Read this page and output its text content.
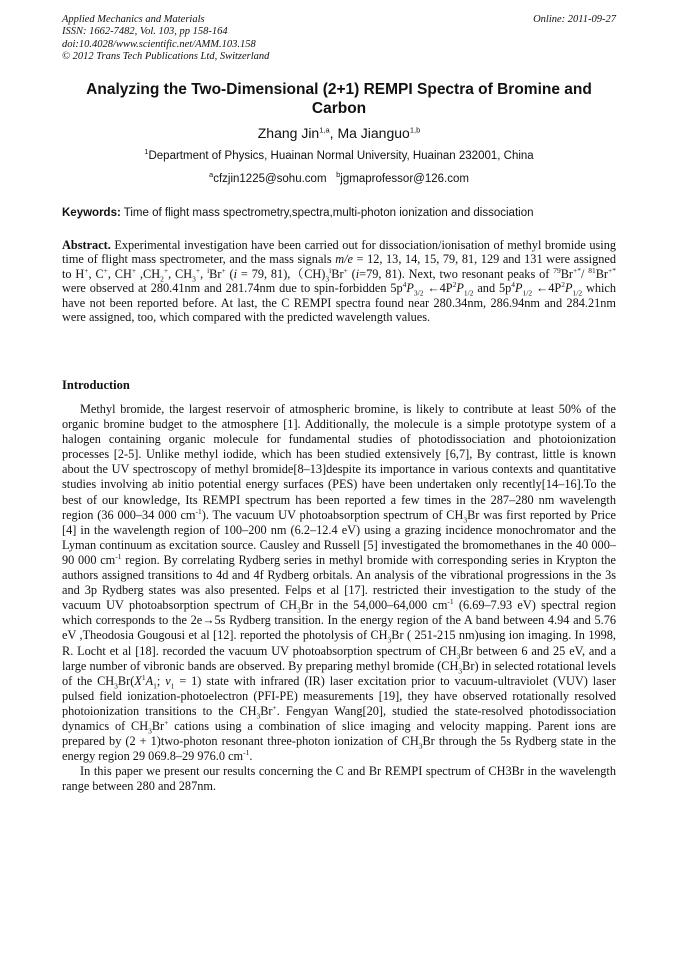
Applied Mechanics and Materials
ISSN: 1662-7482, Vol. 103, pp 158-164
doi:10.4028/www.scientific.net/AMM.103.158
© 2012 Trans Tech Publications Ltd, Switzerland
Online: 2011-09-27
Analyzing the Two-Dimensional (2+1) REMPI Spectra of Bromine and Carbon
Zhang Jin$^{1,a}$, Ma Jianguo$^{1,b}$
$^1$Department of Physics, Huainan Normal University, Huainan 232001, China
$^a$cfzjin1225@sohu.com $^b$jgmaprofessor@126.com
Keywords: Time of flight mass spectrometry,spectra,multi-photon ionization and dissociation
Abstract. Experimental investigation have been carried out for dissociation/ionisation of methyl bromide using time of flight mass spectrometer, and the mass signals m/e = 12, 13, 14, 15, 79, 81, 129 and 131 were assigned to H+, C+, CH+ $,CH_2^+$, $CH_3^+$, $^i$Br+ (i = 79, $81),(CH)_3^iBr^+$ (i=79, 81). Next, two resonant peaks of $^{79}$Br+*/ $^{81}$Br+* were observed at 280.41nm and 281.74nm due to spin-forbidden $5p^4P_{3/2}$ $\leftarrow 4P^2P_{1/2}$ and $5p^4P_{1/2}$ $\leftarrow 4P^2P_{1/2}$ which have not been reported before. At last, the C REMPI spectra found near 280.34nm, 286.94nm and 284.21nm were assigned, too, which compared with the predicted wavelength values.
Introduction

Methyl bromide, the largest reservoir of atmospheric bromine, is likely to contribute at least 50% of the organic bromine budget to the atmosphere [1]. Additionally, the molecule is a simple prototype system of a halogen containing organic molecule for fundamental studies of photodissociation and photoionization processes [2-5]. Unlike methyl iodide, which has been studied extensively [6,7], By contrast, little is known about the UV spectroscopy of methyl bromide[8–13]despite its importance in various contexts and quantitative studies involving ab initio potential energy surfaces (PES) have been undertaken only recently[14–16].To the best of our knowledge, Its REMPI spectrum has been reported a few times in the 287–280 nm wavelength region (36 000–34 000 $cm^{-1}$). The vacuum UV photoabsorption spectrum of $CH_3Br$ was first reported by Price [4] in the wavelength region of 100–200 nm (6.2–12.4 eV) using a grazing incidence monochromator and the Lyman continuum as excitation source. Causley and Russell [5] investigated the bromomethanes in the 40 000–90 000 $cm^{-1}$ region. By correlating Rydberg series in methyl bromide with corresponding series in Krypton the authors assigned transitions to 4d and 4f Rydberg orbitals. An analysis of the vibrational progressions in the 3s and 3p Rydberg states was also presented. Felps et al [17]. restricted their investigation to the study of the vacuum UV photoabsorption spectrum of $CH_3Br$ in the 54,000–64,000 $cm^{-1}$ (6.69–7.93 eV) spectral region which corresponds to the 2e→5s Rydberg transition. In the energy region of the A band between 4.94 and 5.76 eV ,Theodosia Gougousi et al [12]. reported the photolysis of $CH_3Br$ ( 251-215 nm)using ion imaging. In 1998, R. Locht et al [18]. recorded the vacuum UV photoabsorption spectrum of $CH_3Br$ between 6 and 25 eV, and a large number of vibronic bands are observed. By preparing methyl bromide $(CH_3Br)$ in selected rotational levels of the $CH_3Br(X^1A_1$; $v_1 = 1$) state with infrared (IR) laser excitation prior to vacuum-ultraviolet (VUV) laser pulsed field ionization-photoelectron (PFI-PE) measurements [19], they have observed rotationally resolved photoionization transitions to the $CH_3Br^+$. Fengyan Wang[20], studied the state-resolved photodissociation dynamics of $CH_3Br^+$ cations using a combination of slice imaging and velocity mapping. Parent ions are prepared by (2 + 1)two-photon resonant three-photon ionization of $CH_3Br$ through the 5s Rydberg state in the energy region 29 069.8–29 976.0 $cm^{-1}$.

In this paper we present our results concerning the C and Br REMPI spectrum of CH3Br in the wavelength range between 280 and 287nm.
